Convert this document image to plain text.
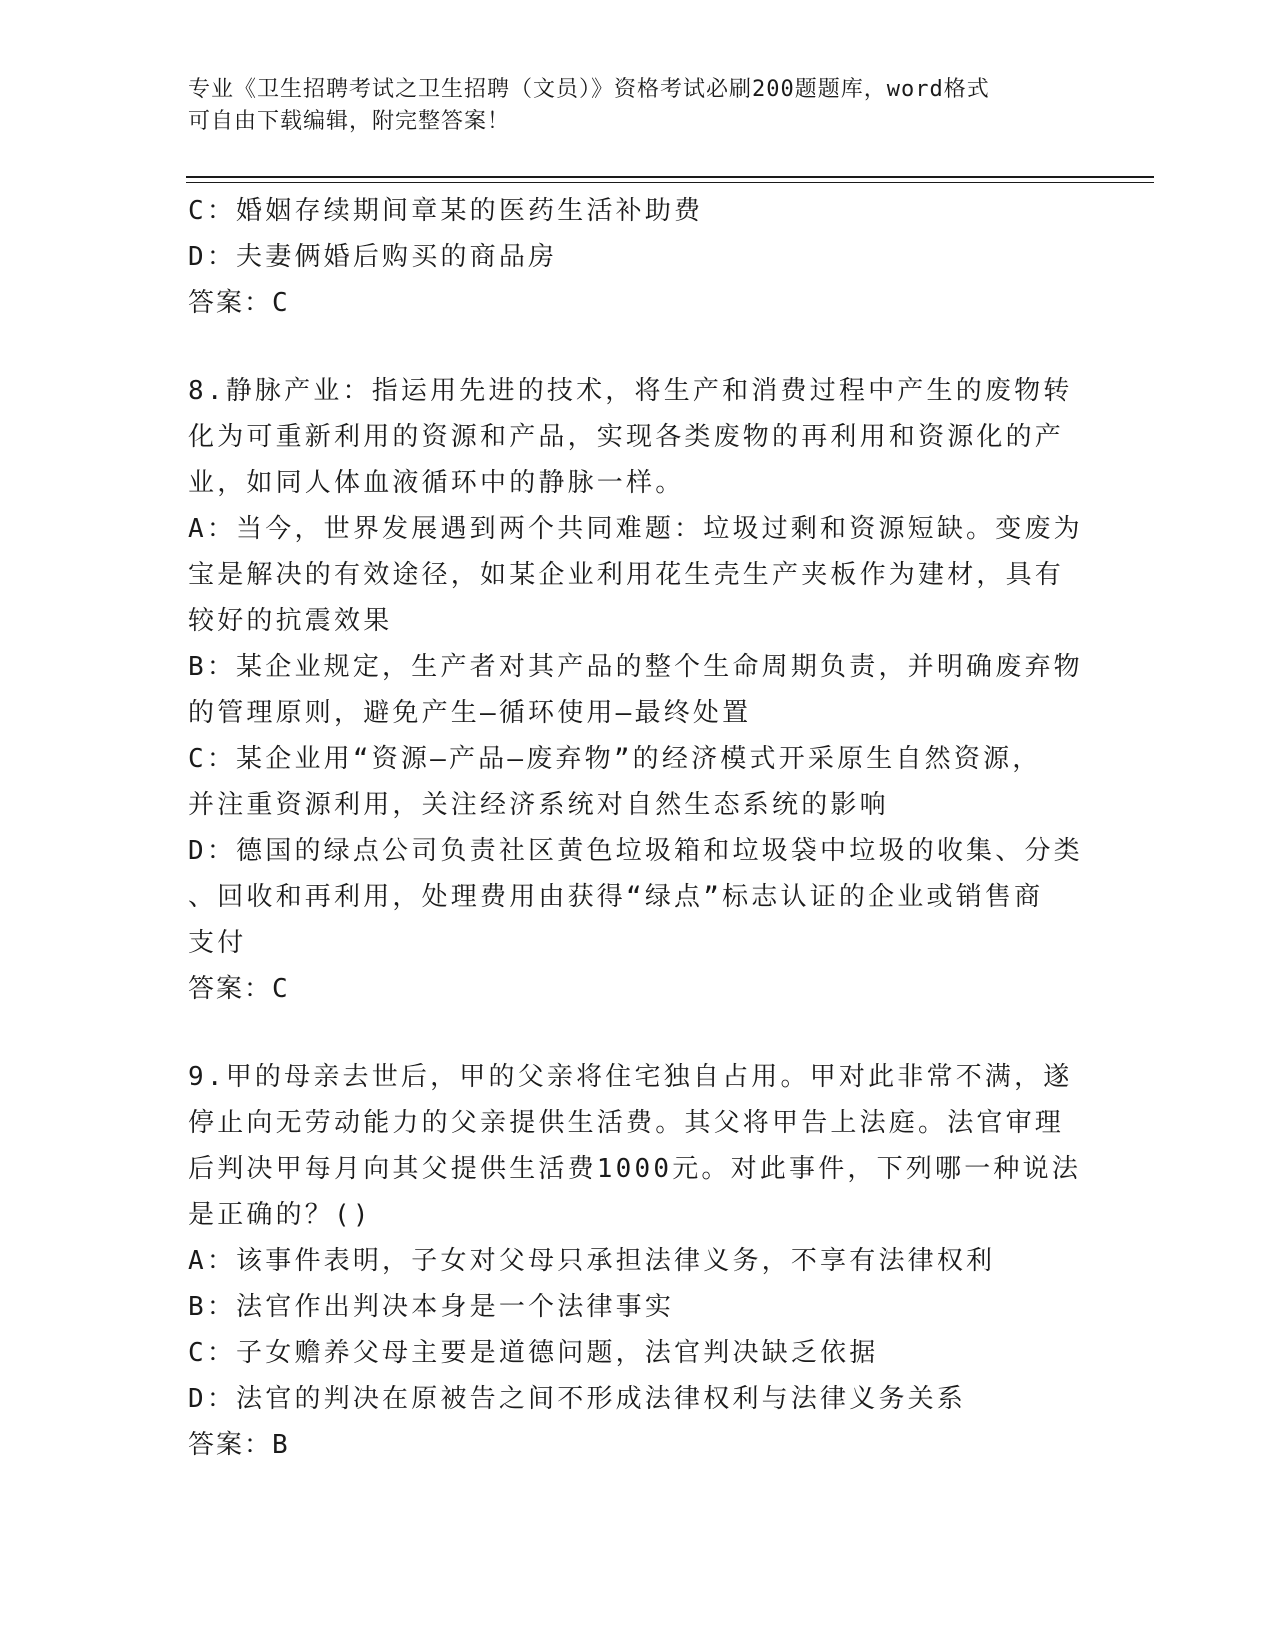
专业《卫生招聘考试之卫生招聘（文员）》资格考试必刷200题题库，word格式
可自由下载编辑，附完整答案！
C：婚姻存续期间章某的医药生活补助费
D：夫妻俩婚后购买的商品房
答案：C
8.静脉产业：指运用先进的技术，将生产和消费过程中产生的废物转
化为可重新利用的资源和产品，实现各类废物的再利用和资源化的产
业，如同人体血液循环中的静脉一样。
A：当今，世界发展遇到两个共同难题：垃圾过剩和资源短缺。变废为
宝是解决的有效途径，如某企业利用花生壳生产夹板作为建材，具有
较好的抗震效果
B：某企业规定，生产者对其产品的整个生命周期负责，并明确废弃物
的管理原则，避免产生—循环使用—最终处置
C：某企业用“资源—产品—废弃物”的经济模式开采原生自然资源，
并注重资源利用，关注经济系统对自然生态系统的影响
D：德国的绿点公司负责社区黄色垃圾箱和垃圾袋中垃圾的收集、分类
、回收和再利用，处理费用由获得“绿点”标志认证的企业或销售商
支付
答案：C
9.甲的母亲去世后，甲的父亲将住宅独自占用。甲对此非常不满，遂
停止向无劳动能力的父亲提供生活费。其父将甲告上法庭。法官审理
后判决甲每月向其父提供生活费1000元。对此事件，下列哪一种说法
是正确的？()
A：该事件表明，子女对父母只承担法律义务，不享有法律权利
B：法官作出判决本身是一个法律事实
C：子女赡养父母主要是道德问题，法官判决缺乏依据
D：法官的判决在原被告之间不形成法律权利与法律义务关系
答案：B
